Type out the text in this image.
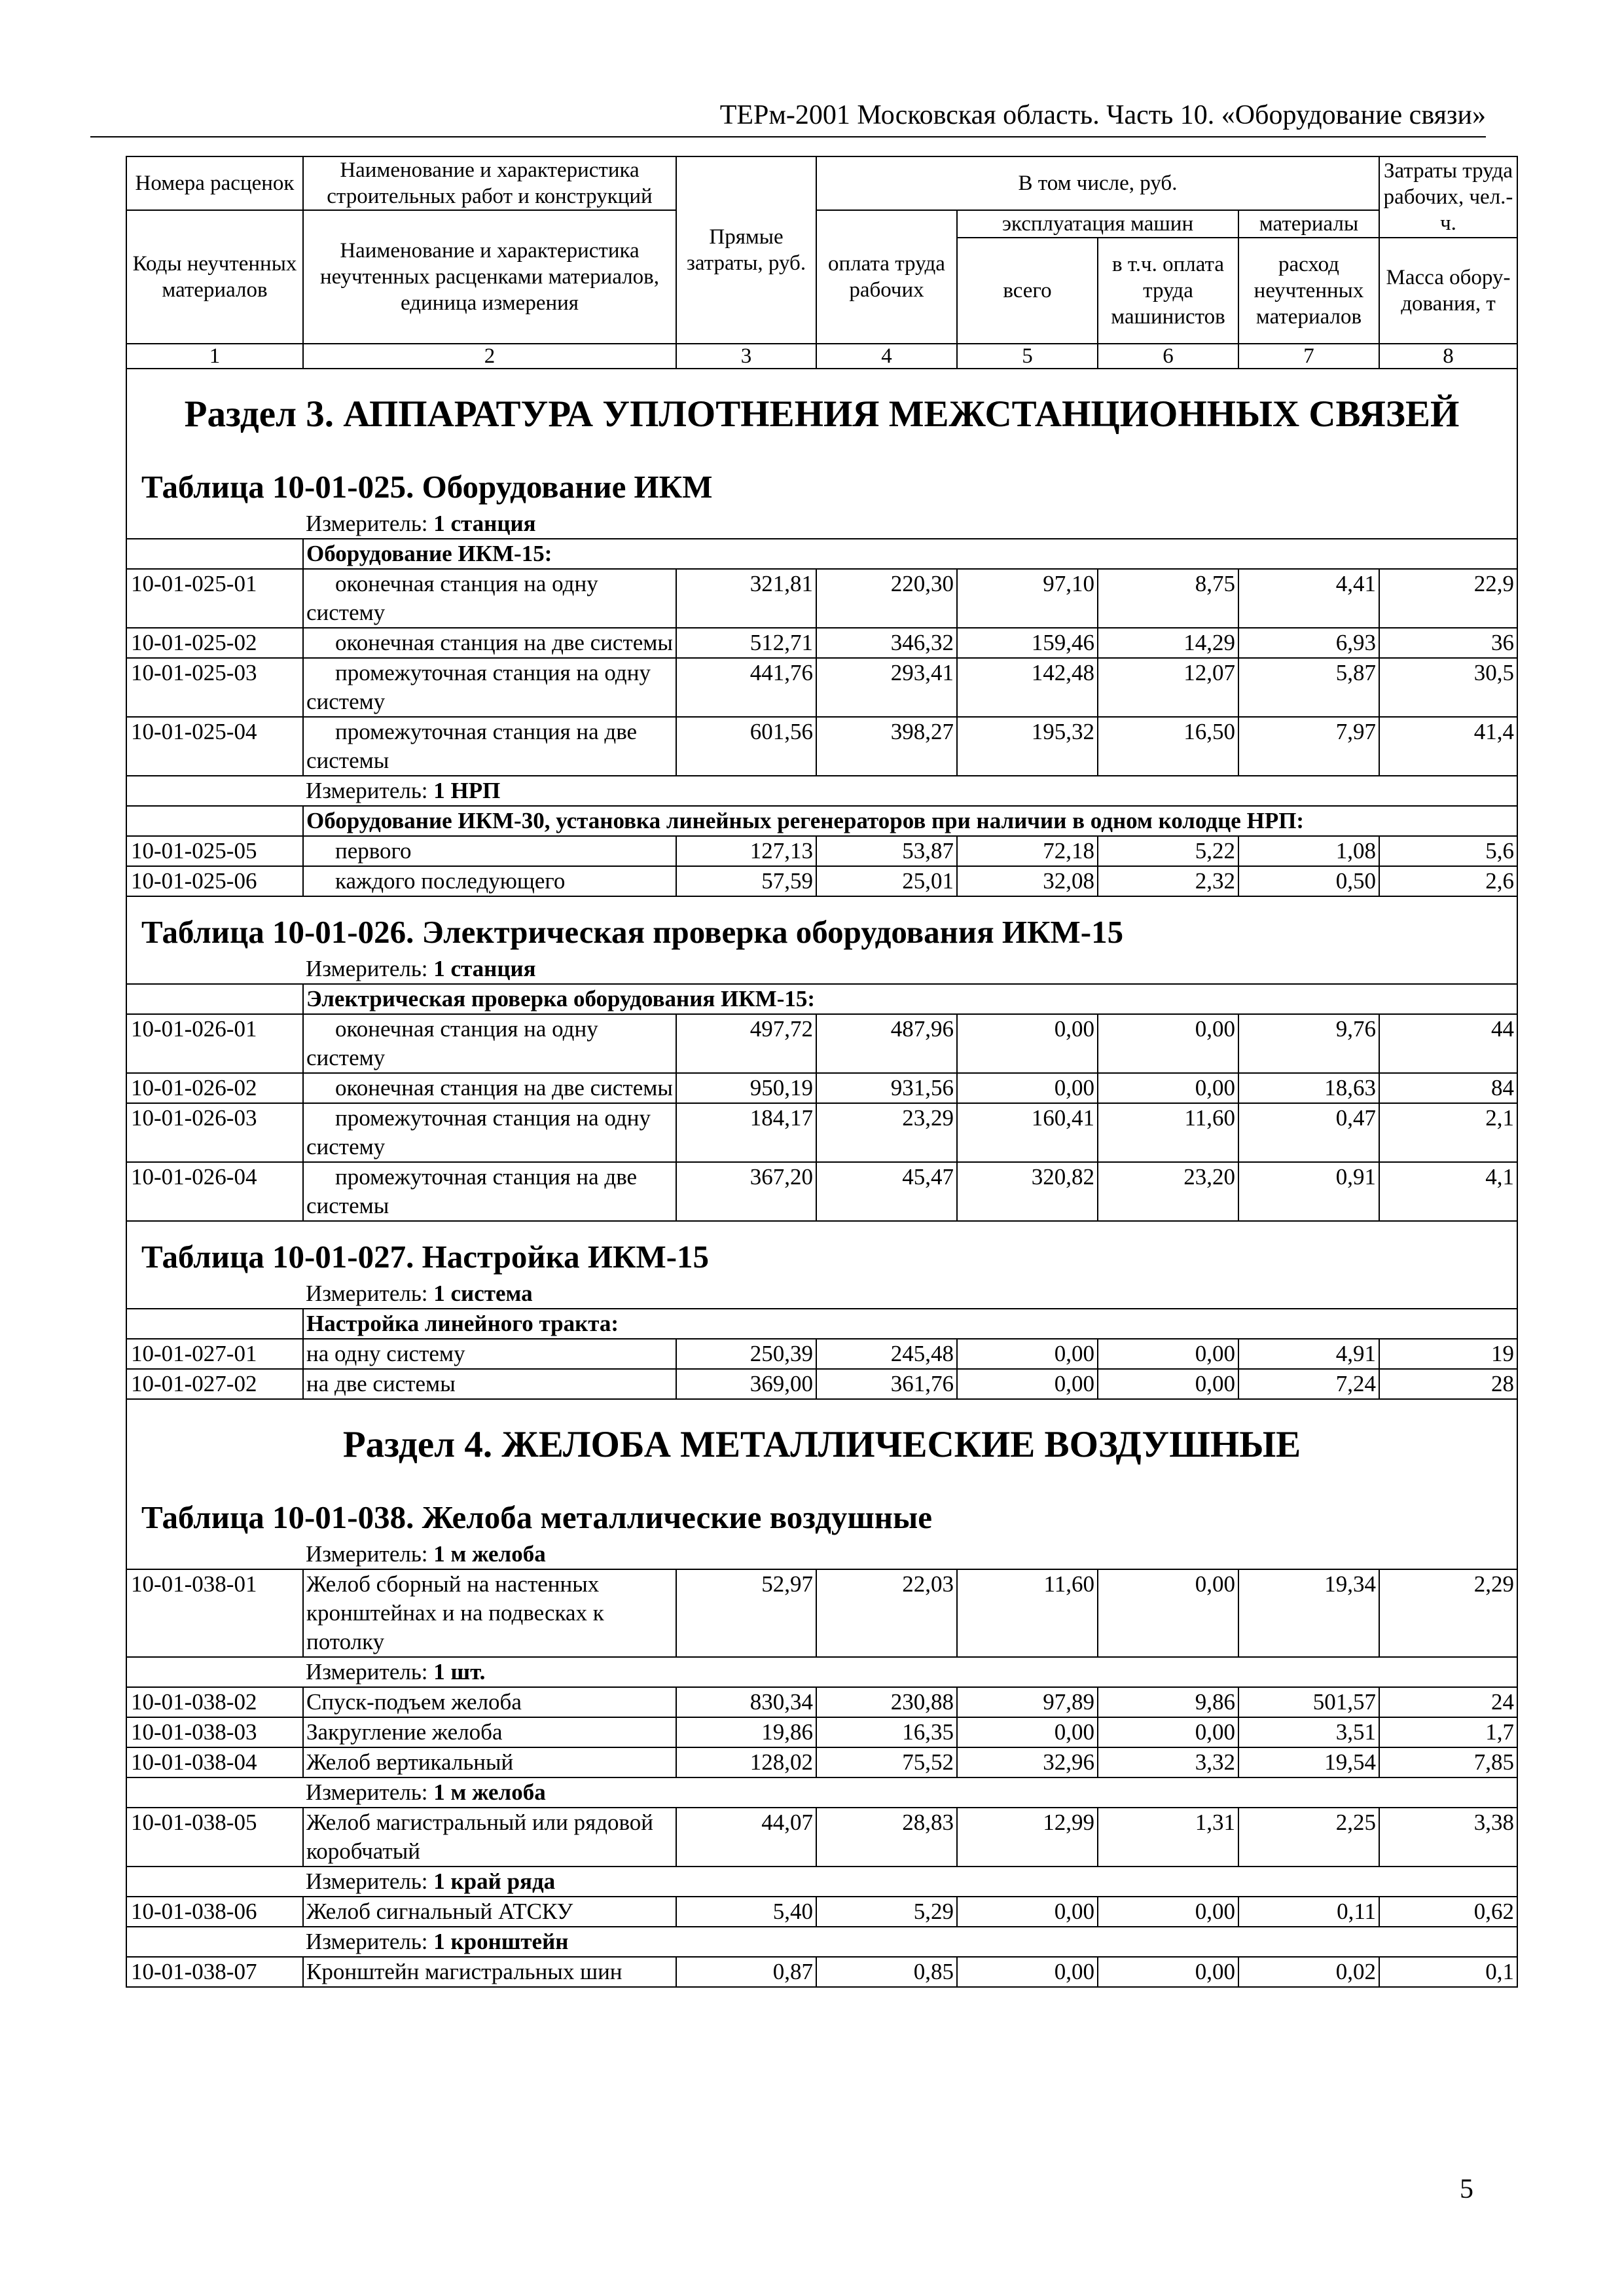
ТЕРм-2001 Московская область. Часть 10. «Оборудование связи»
Номера расценок	Наименование и характеристика строительных работ и конструкций	Прямые затраты, руб.	В том числе, руб.				Затраты труда рабочих, чел.-ч.
Коды неучтенных материалов	Наименование и характеристика неучтенных расценками материалов, единица измерения		оплата труда рабочих	эксплуатация машин		материалы	
				всего	в т.ч. оплата труда машинистов	расход неучтенных материалов	Масса обору-дования, т
1	2	3	4	5	6	7	8
Раздел 3. АППАРАТУРА УПЛОТНЕНИЯ МЕЖСТАНЦИОННЫХ СВЯЗЕЙ							
Таблица 10-01-025. Оборудование ИКМ							
	Измеритель: 1 станция						
	Оборудование ИКМ-15:						
10-01-025-01	оконечная станция на одну системy	321,81	220,30	97,10	8,75	4,41	22,9
10-01-025-02	оконечная станция на две системы	512,71	346,32	159,46	14,29	6,93	36
10-01-025-03	промежуточная станция на одну систему	441,76	293,41	142,48	12,07	5,87	30,5
10-01-025-04	промежуточная станция на две системы	601,56	398,27	195,32	16,50	7,97	41,4
	Измеритель: 1 НРП						
	Оборудование ИКМ-30, установка линейных регенераторов при наличии в одном колодце НРП:						
10-01-025-05	первого	127,13	53,87	72,18	5,22	1,08	5,6
10-01-025-06	каждого последующего	57,59	25,01	32,08	2,32	0,50	2,6
Таблица 10-01-026. Электрическая проверка оборудования ИКМ-15							
	Измеритель: 1 станция						
	Электрическая проверка оборудования ИКМ-15:						
10-01-026-01	оконечная станция на одну системy	497,72	487,96	0,00	0,00	9,76	44
10-01-026-02	оконечная станция на две системы	950,19	931,56	0,00	0,00	18,63	84
10-01-026-03	промежуточная станция на одну систему	184,17	23,29	160,41	11,60	0,47	2,1
10-01-026-04	промежуточная станция на две системы	367,20	45,47	320,82	23,20	0,91	4,1
Таблица 10-01-027. Настройка ИКМ-15							
	Измеритель: 1 система						
	Настройка линейного тракта:						
10-01-027-01	на одну систему	250,39	245,48	0,00	0,00	4,91	19
10-01-027-02	на две системы	369,00	361,76	0,00	0,00	7,24	28
Раздел 4. ЖЕЛОБА МЕТАЛЛИЧЕСКИЕ ВОЗДУШНЫЕ							
Таблица 10-01-038. Желоба металлические воздушные							
	Измеритель: 1 м желоба						
10-01-038-01	Желоб сборный на настенных кронштейнах и на подвесках к потолку	52,97	22,03	11,60	0,00	19,34	2,29
	Измеритель: 1 шт.						
10-01-038-02	Спуск-подъем желоба	830,34	230,88	97,89	9,86	501,57	24
10-01-038-03	Закругление желоба	19,86	16,35	0,00	0,00	3,51	1,7
10-01-038-04	Желоб вертикальный	128,02	75,52	32,96	3,32	19,54	7,85
	Измеритель: 1 м желоба						
10-01-038-05	Желоб магистральный или рядовой коробчатый	44,07	28,83	12,99	1,31	2,25	3,38
	Измеритель: 1 край ряда						
10-01-038-06	Желоб сигнальный АТСКУ	5,40	5,29	0,00	0,00	0,11	0,62
	Измеритель: 1 кронштейн						
10-01-038-07	Кронштейн магистральных шин	0,87	0,85	0,00	0,00	0,02	0,1
5
